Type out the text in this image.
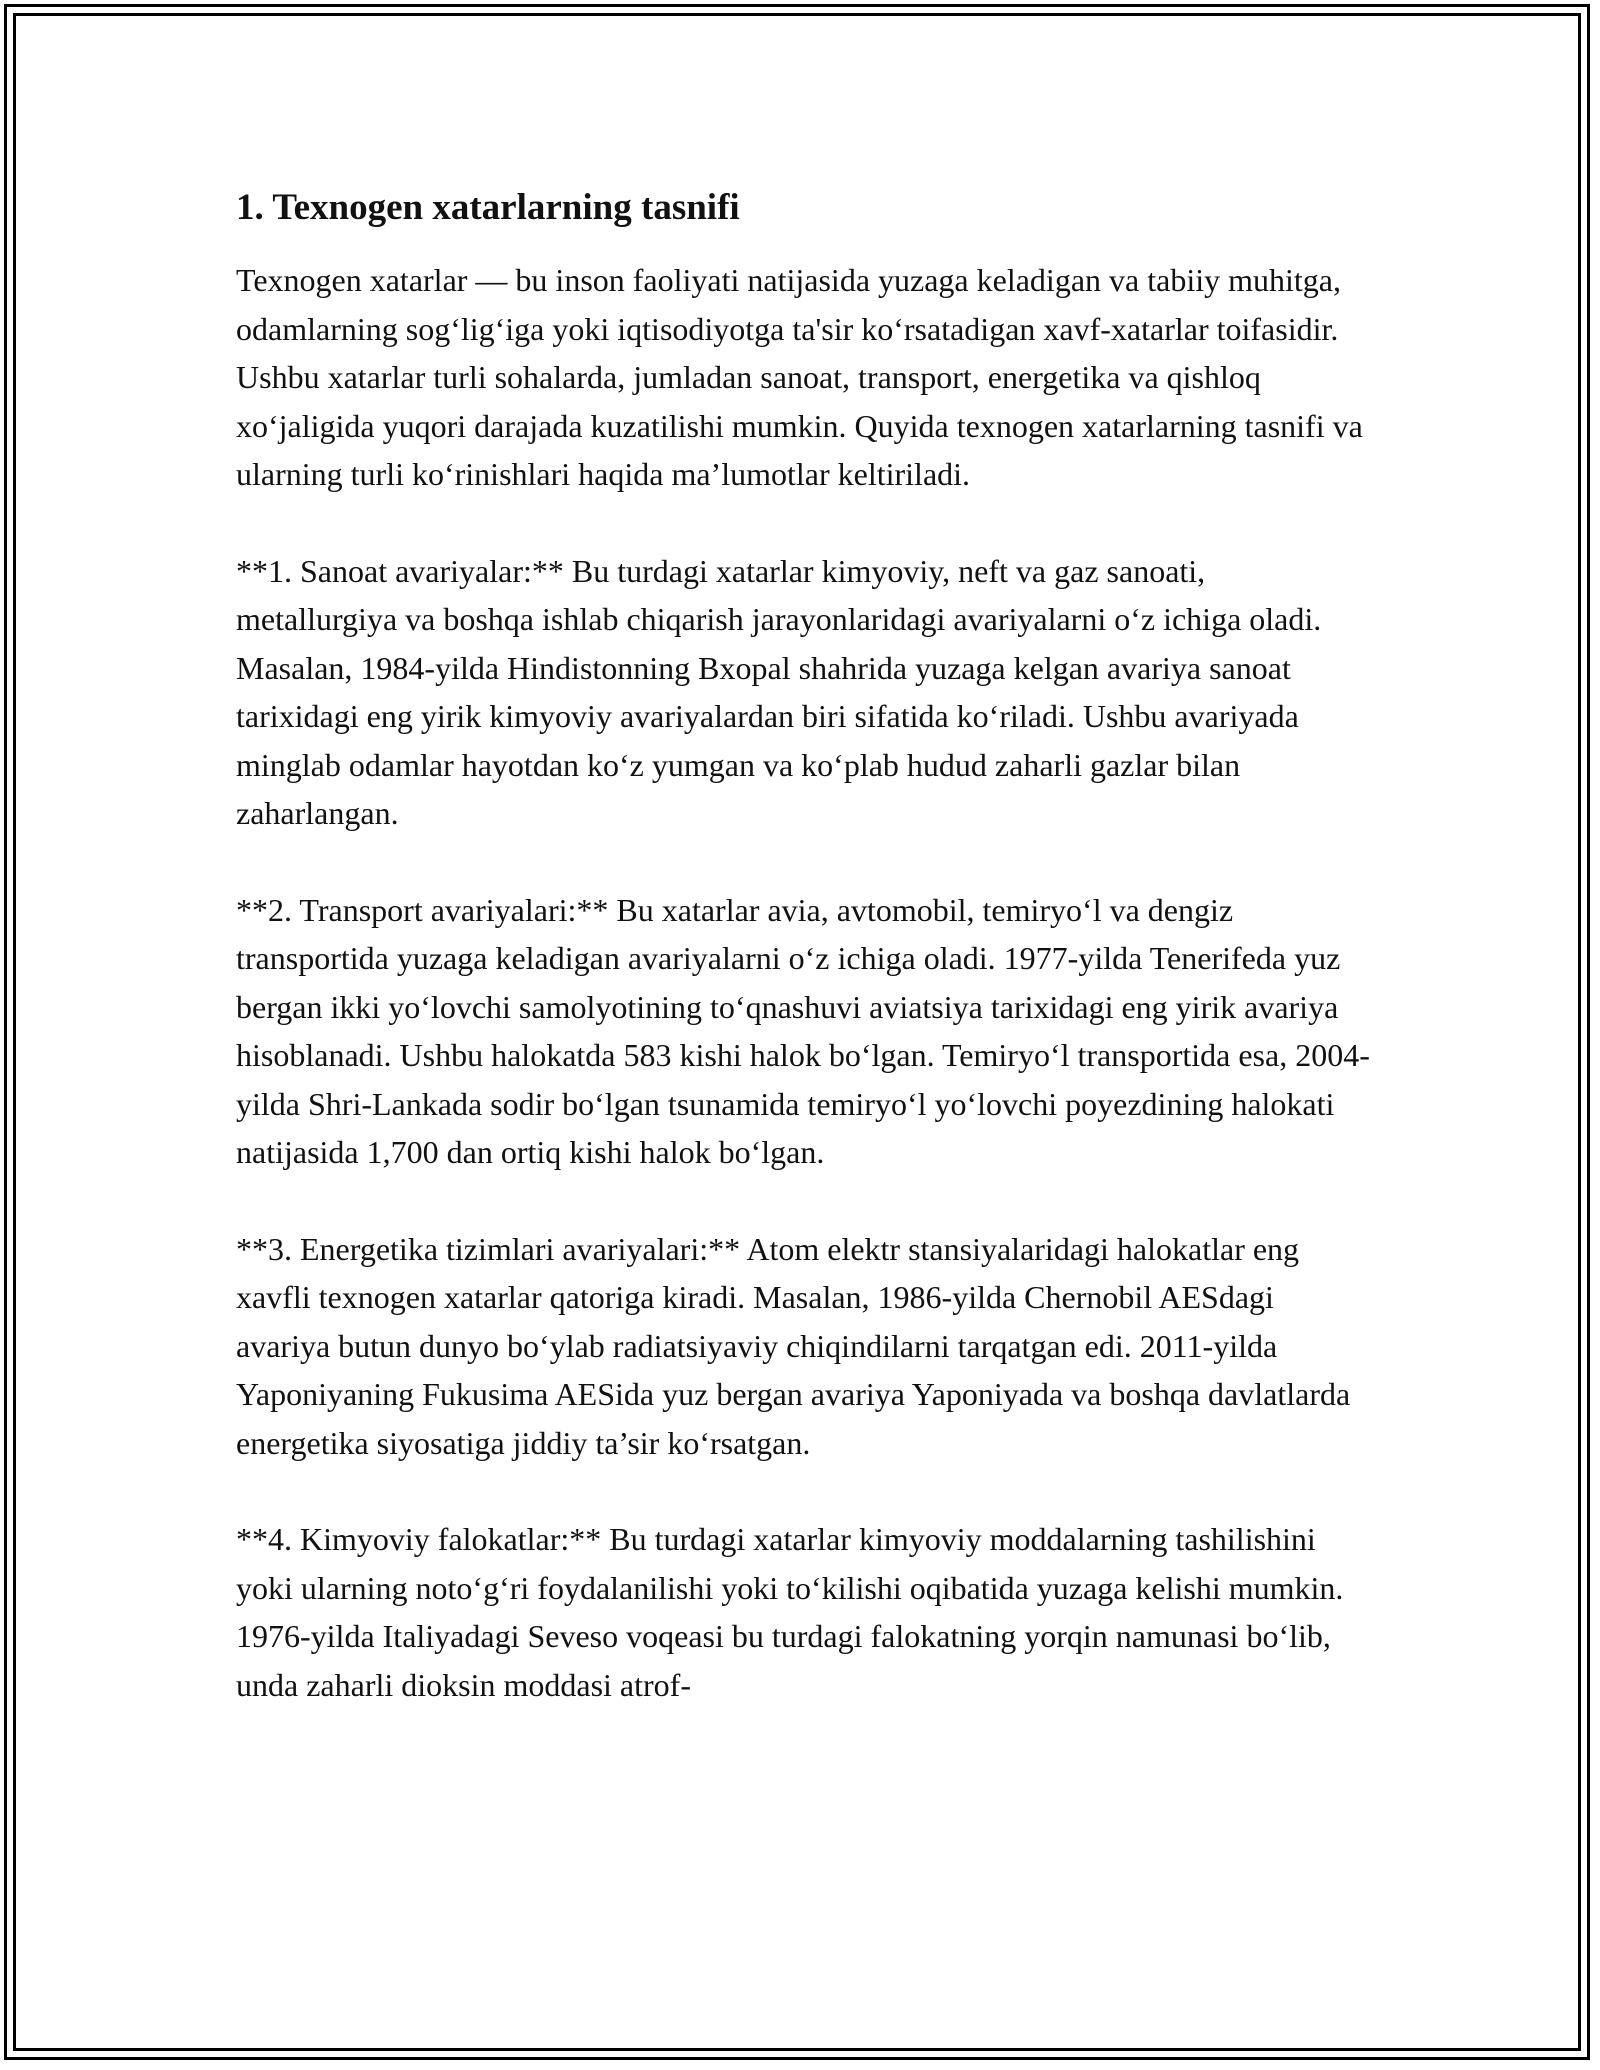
1. Texnogen xatarlarning tasnifi

Texnogen xatarlar — bu inson faoliyati natijasida yuzaga keladigan va tabiiy muhitga, odamlarning sog‘lig‘iga yoki iqtisodiyotga ta'sir ko‘rsatadigan xavf-xatarlar toifasidir. Ushbu xatarlar turli sohalarda, jumladan sanoat, transport, energetika va qishloq xo‘jaligida yuqori darajada kuzatilishi mumkin. Quyida texnogen xatarlarning tasnifi va ularning turli ko‘rinishlari haqida ma’lumotlar keltiriladi.

**1. Sanoat avariyalar:** Bu turdagi xatarlar kimyoviy, neft va gaz sanoati, metallurgiya va boshqa ishlab chiqarish jarayonlaridagi avariyalarni o‘z ichiga oladi. Masalan, 1984-yilda Hindistonning Bxopal shahrida yuzaga kelgan avariya sanoat tarixidagi eng yirik kimyoviy avariyalardan biri sifatida ko‘riladi. Ushbu avariyada minglab odamlar hayotdan ko‘z yumgan va ko‘plab hudud zaharli gazlar bilan zaharlangan.

**2. Transport avariyalari:** Bu xatarlar avia, avtomobil, temiryo‘l va dengiz transportida yuzaga keladigan avariyalarni o‘z ichiga oladi. 1977-yilda Tenerifeda yuz bergan ikki yo‘lovchi samolyotining to‘qnashuvi aviatsiya tarixidagi eng yirik avariya hisoblanadi. Ushbu halokatda 583 kishi halok bo‘lgan. Temiryo‘l transportida esa, 2004-yilda Shri-Lankada sodir bo‘lgan tsunamida temiryo‘l yo‘lovchi poyezdining halokati natijasida 1,700 dan ortiq kishi halok bo‘lgan.

**3. Energetika tizimlari avariyalari:** Atom elektr stansiyalaridagi halokatlar eng xavfli texnogen xatarlar qatoriga kiradi. Masalan, 1986-yilda Chernobil AESdagi avariya butun dunyo bo‘ylab radiatsiyaviy chiqindilarni tarqatgan edi. 2011-yilda Yaponiyaning Fukusima AESida yuz bergan avariya Yaponiyada va boshqa davlatlarda energetika siyosatiga jiddiy ta’sir ko‘rsatgan.

**4. Kimyoviy falokatlar:** Bu turdagi xatarlar kimyoviy moddalarning tashilishini yoki ularning noto‘g‘ri foydalanilishi yoki to‘kilishi oqibatida yuzaga kelishi mumkin. 1976-yilda Italiyadagi Seveso voqeasi bu turdagi falokatning yorqin namunasi bo‘lib, unda zaharli dioksin moddasi atrof-
